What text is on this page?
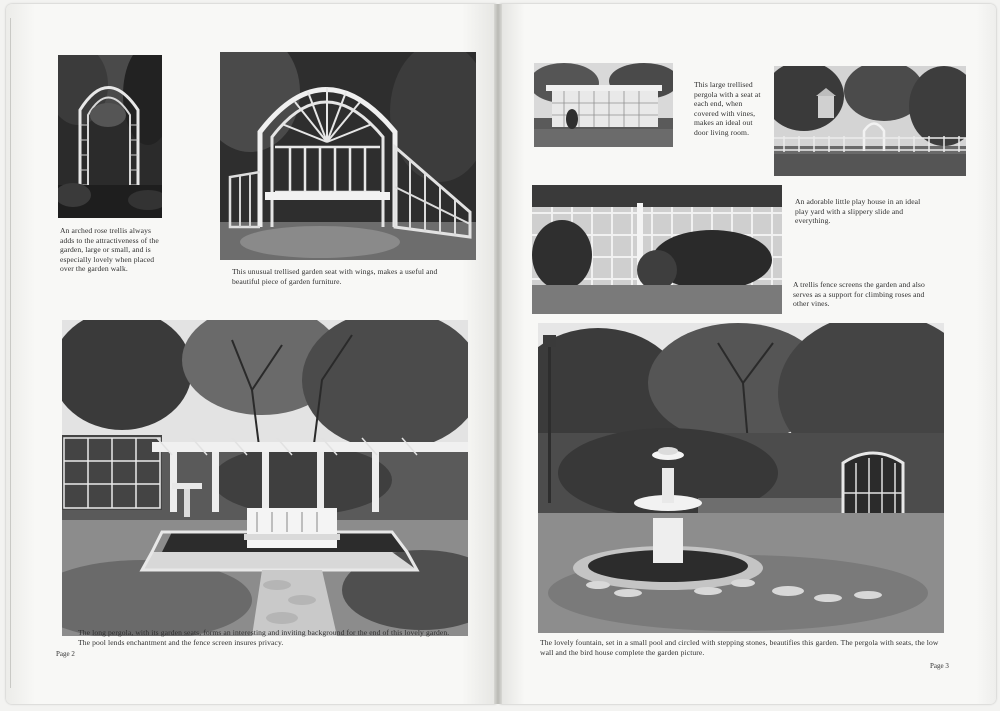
An arched rose trellis always adds to the attractiveness of the garden, large or small, and is especially lovely when placed over the garden walk.	This unusual trellised garden seat with wings, makes a useful and beautiful piece of garden furniture.

The long pergola, with its garden seats, forms an interesting and inviting background for the end of this lovely garden. The pool lends enchantment and the fence screen insures privacy.

This large trellised pergola with a seat at each end, when covered with vines, makes an ideal out door living room.

An adorable little play house in an ideal play yard with a slippery slide and everything.

A trellis fence screens the garden and also serves as a support for climbing roses and other vines.

The lovely fountain, set in a small pool and circled with stepping stones, beautifies this garden. The pergola with seats, the low wall and the bird house complete the garden picture.

Page 2
Page 3
